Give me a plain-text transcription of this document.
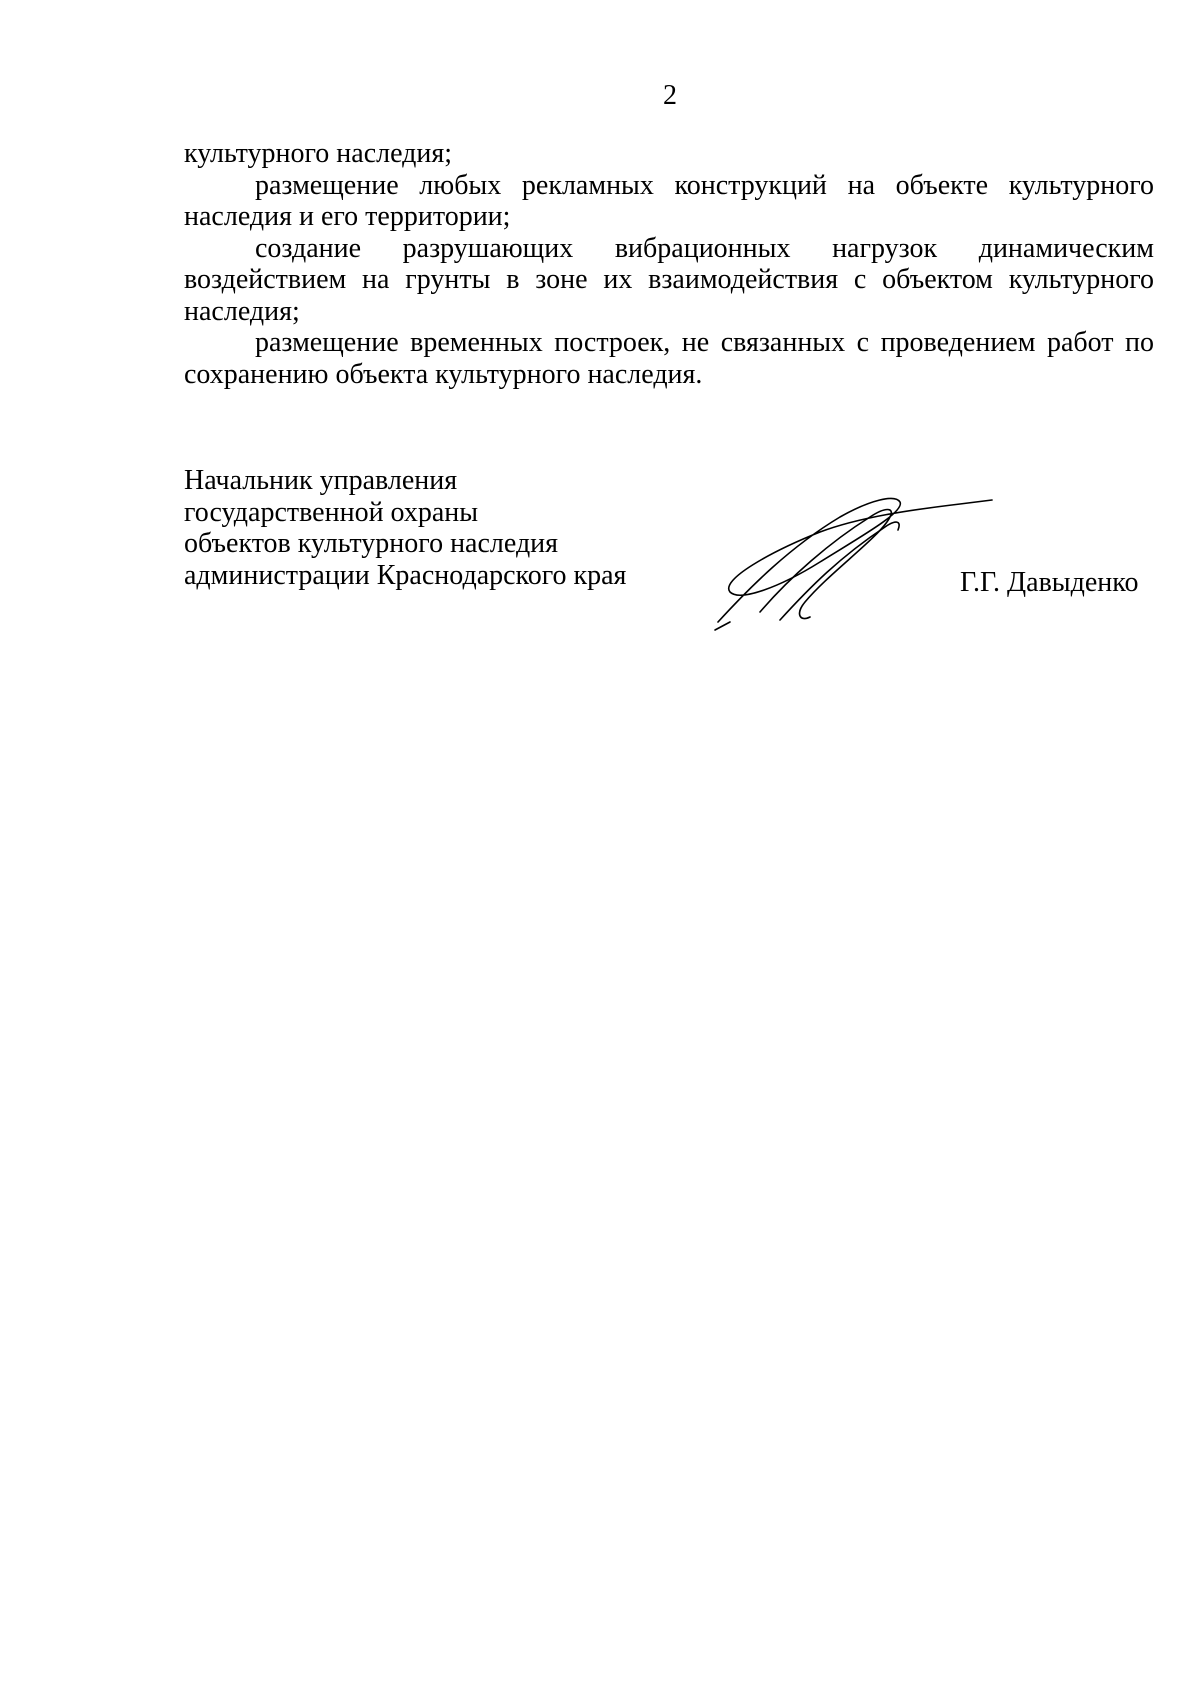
2

культурного наследия;

размещение любых рекламных конструкций на объекте культурного наследия и его территории;

создание разрушающих вибрационных нагрузок динамическим воздействием на грунты в зоне их взаимодействия с объектом культурного наследия;

размещение временных построек, не связанных с проведением работ по сохранению объекта культурного наследия.

Начальник управления
государственной охраны
объектов культурного наследия
администрации Краснодарского края	Г.Г. Давыденко
